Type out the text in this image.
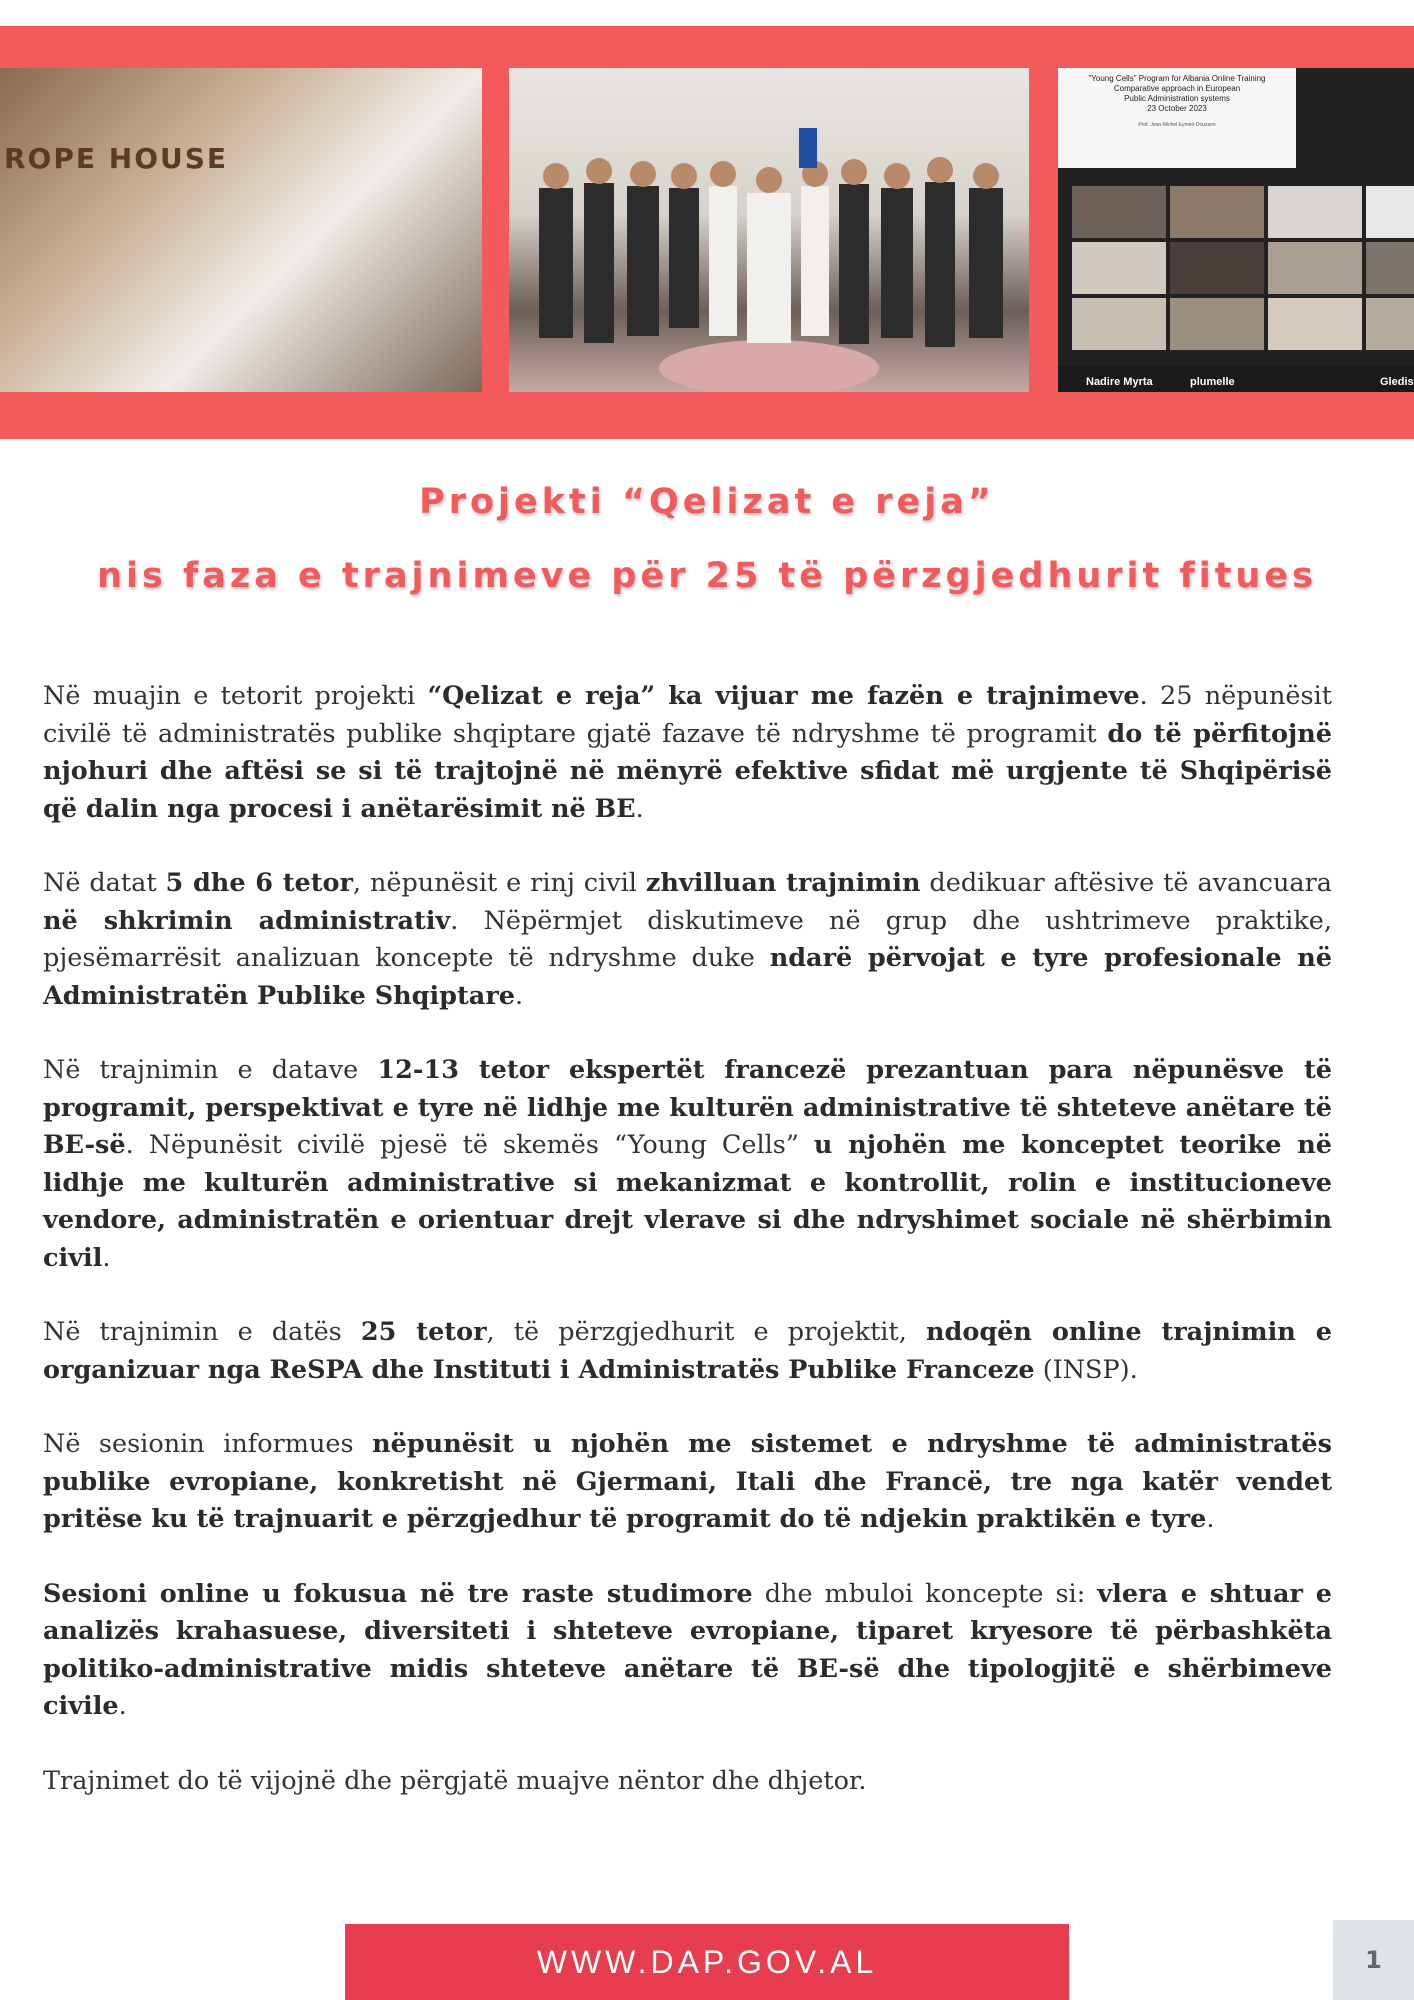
ROPE HOUSE
"Young Cells" Program for Albania Online Training
Comparative approach in European
Public Administration systems
23 October 2023
Prof. Jean-Michel Eymeri-Douzans
Nadire Myrta	plumelle	Gledis
Projekti “Qelizat e reja”
nis faza e trajnimeve për 25 të përzgjedhurit fitues

Në muajin e tetorit projekti “Qelizat e reja” ka vijuar me fazën e trajnimeve. 25 nëpunësit civilë të administratës publike shqiptare gjatë fazave të ndryshme të programit do të përfitojnë njohuri dhe aftësi se si të trajtojnë në mënyrë efektive sfidat më urgjente të Shqipërisë që dalin nga procesi i anëtarësimit në BE.

Në datat 5 dhe 6 tetor, nëpunësit e rinj civil zhvilluan trajnimin dedikuar aftësive të avancuara në shkrimin administrativ. Nëpërmjet diskutimeve në grup dhe ushtrimeve praktike, pjesëmarrësit analizuan koncepte të ndryshme duke ndarë përvojat e tyre profesionale në Administratën Publike Shqiptare.

Në trajnimin e datave 12-13 tetor ekspertët francezë prezantuan para nëpunësve të programit, perspektivat e tyre në lidhje me kulturën administrative të shteteve anëtare të BE-së. Nëpunësit civilë pjesë të skemës “Young Cells” u njohën me konceptet teorike në lidhje me kulturën administrative si mekanizmat e kontrollit, rolin e institucioneve vendore, administratën e orientuar drejt vlerave si dhe ndryshimet sociale në shërbimin civil.

Në trajnimin e datës 25 tetor, të përzgjedhurit e projektit, ndoqën online trajnimin e organizuar nga ReSPA dhe Instituti i Administratës Publike Franceze (INSP).

Në sesionin informues nëpunësit u njohën me sistemet e ndryshme të administratës publike evropiane, konkretisht në Gjermani, Itali dhe Francë, tre nga katër vendet pritëse ku të trajnuarit e përzgjedhur të programit do të ndjekin praktikën e tyre.

Sesioni online u fokusua në tre raste studimore dhe mbuloi koncepte si: vlera e shtuar e analizës krahasuese, diversiteti i shteteve evropiane, tiparet kryesore të përbashkëta politiko-administrative midis shteteve anëtare të BE-së dhe tipologjitë e shërbimeve civile.

Trajnimet do të vijojnë dhe përgjatë muajve nëntor dhe dhjetor.

WWW.DAP.GOV.AL	1
